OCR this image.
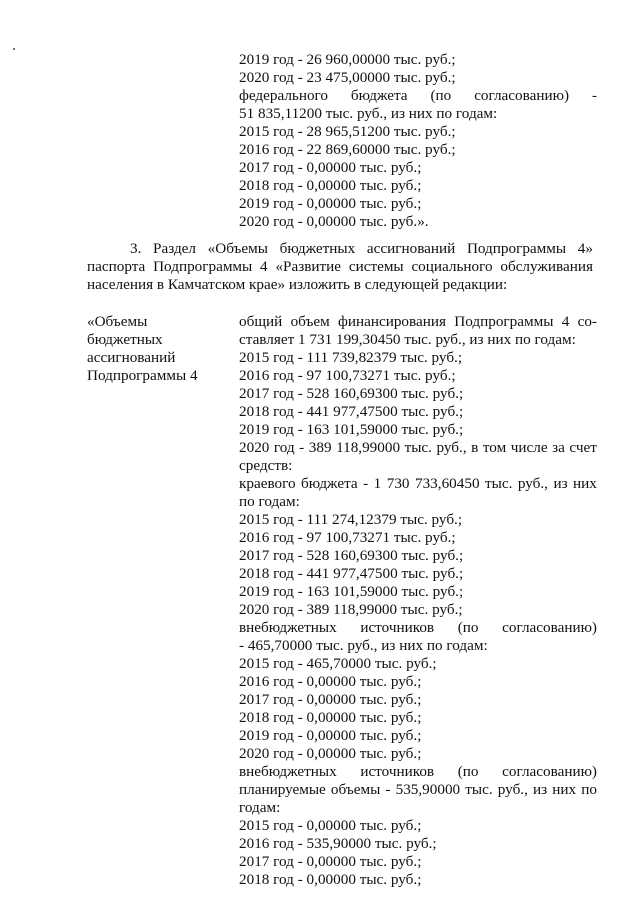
2019 год - 26 960,00000 тыс. руб.;
2020 год - 23 475,00000 тыс. руб.;
федерального бюджета (по согласованию) -
51 835,11200 тыс. руб., из них по годам:
2015 год - 28 965,51200 тыс. руб.;
2016 год - 22 869,60000 тыс. руб.;
2017 год - 0,00000 тыс. руб.;
2018 год - 0,00000 тыс. руб.;
2019 год - 0,00000 тыс. руб.;
2020 год - 0,00000 тыс. руб.».
3. Раздел «Объемы бюджетных ассигнований Подпрограммы 4»
паспорта Подпрограммы 4 «Развитие системы социального обслуживания
населения в Камчатском крае» изложить в следующей редакции:
«Объемы
бюджетных
ассигнований
Подпрограммы 4
общий объем финансирования Подпрограммы 4 со-
ставляет 1 731 199,30450 тыс. руб., из них по годам:
2015 год - 111 739,82379 тыс. руб.;
2016 год - 97 100,73271 тыс. руб.;
2017 год - 528 160,69300 тыс. руб.;
2018 год - 441 977,47500 тыс. руб.;
2019 год - 163 101,59000 тыс. руб.;
2020 год - 389 118,99000 тыс. руб., в том числе за счет
средств:
краевого бюджета - 1 730 733,60450 тыс. руб., из них
по годам:
2015 год - 111 274,12379 тыс. руб.;
2016 год - 97 100,73271 тыс. руб.;
2017 год - 528 160,69300 тыс. руб.;
2018 год - 441 977,47500 тыс. руб.;
2019 год - 163 101,59000 тыс. руб.;
2020 год - 389 118,99000 тыс. руб.;
внебюджетных источников (по согласованию)
- 465,70000 тыс. руб., из них по годам:
2015 год - 465,70000 тыс. руб.;
2016 год - 0,00000 тыс. руб.;
2017 год - 0,00000 тыс. руб.;
2018 год - 0,00000 тыс. руб.;
2019 год - 0,00000 тыс. руб.;
2020 год - 0,00000 тыс. руб.;
внебюджетных источников (по согласованию)
планируемые объемы - 535,90000 тыс. руб., из них по
годам:
2015 год - 0,00000 тыс. руб.;
2016 год - 535,90000 тыс. руб.;
2017 год - 0,00000 тыс. руб.;
2018 год - 0,00000 тыс. руб.;
